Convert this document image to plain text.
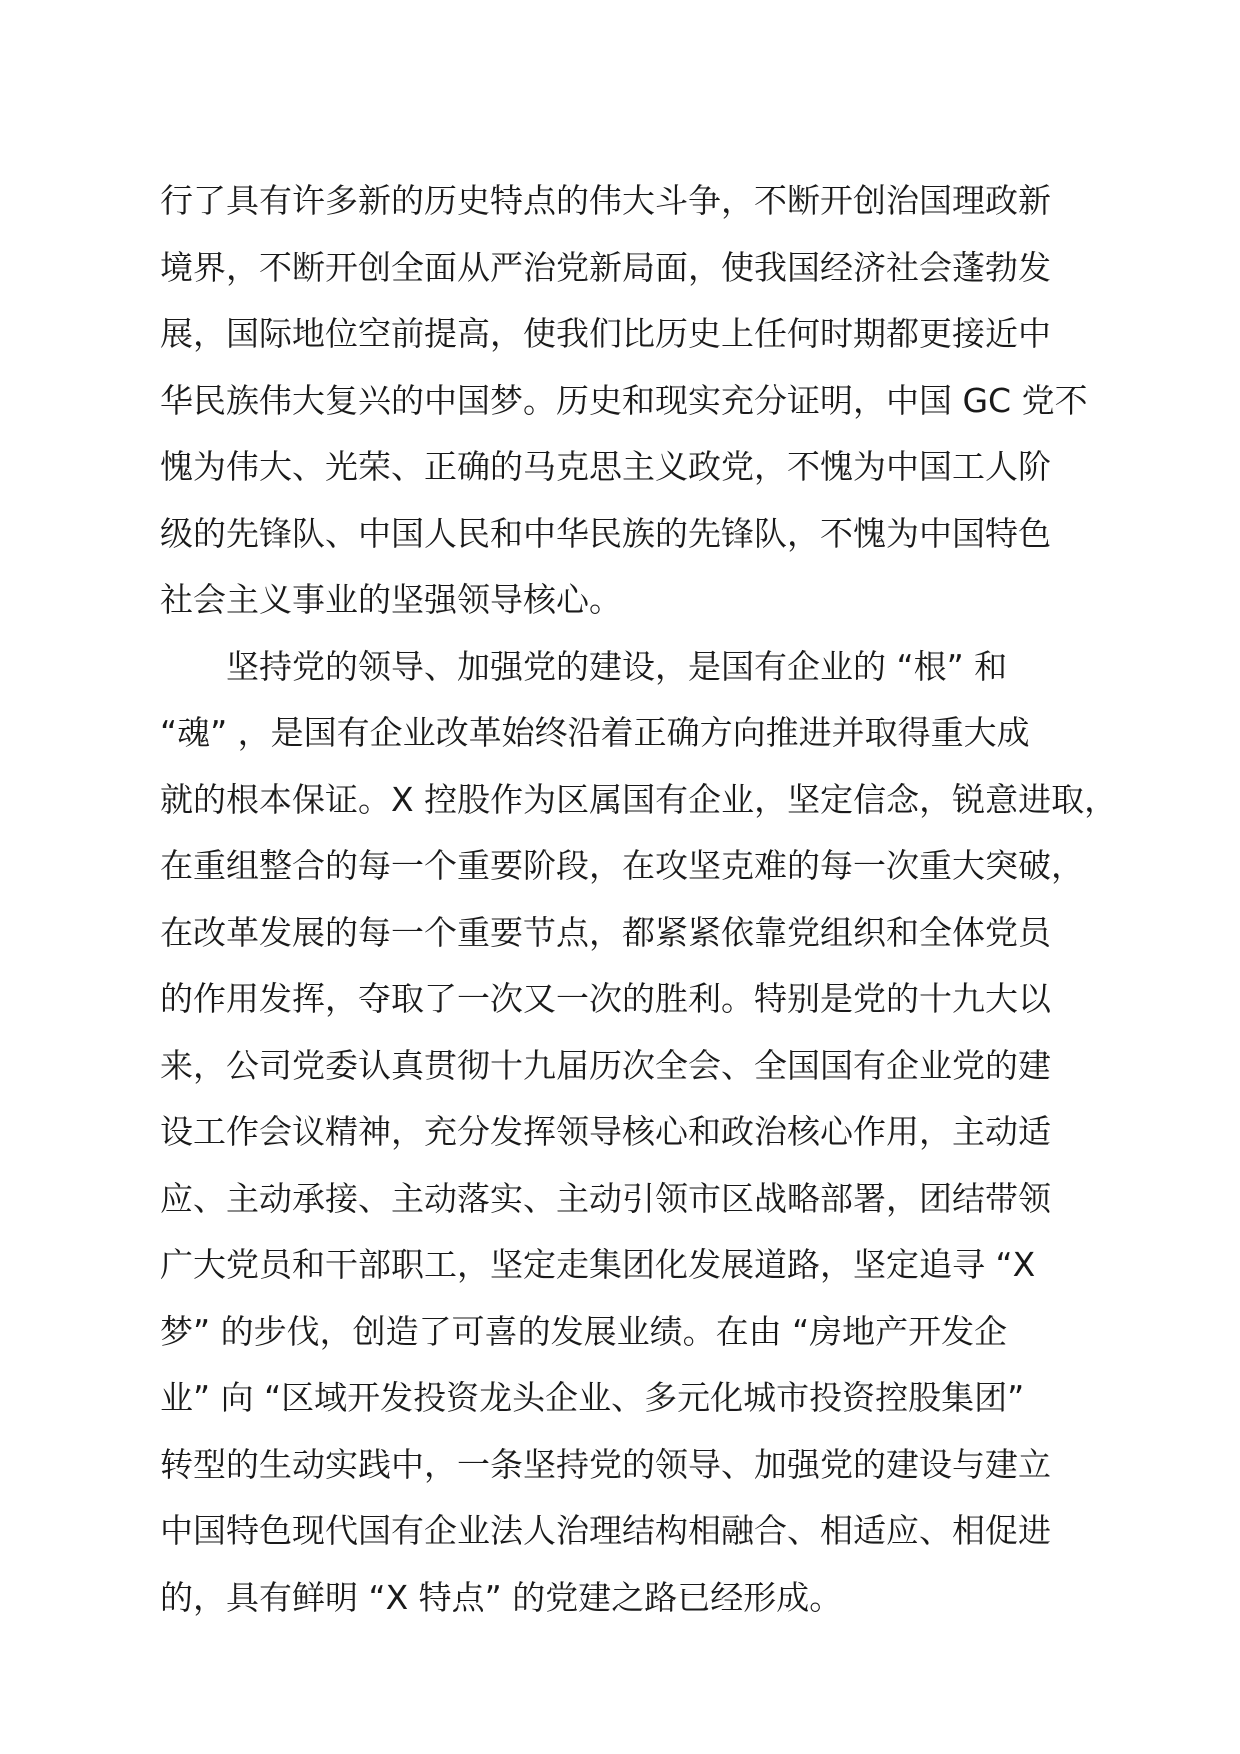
行了具有许多新的历史特点的伟大斗争，不断开创治国理政新
境界，不断开创全面从严治党新局面，使我国经济社会蓬勃发
展，国际地位空前提高，使我们比历史上任何时期都更接近中
华民族伟大复兴的中国梦。历史和现实充分证明，中国 GC 党不
愧为伟大、光荣、正确的马克思主义政党，不愧为中国工人阶
级的先锋队、中国人民和中华民族的先锋队，不愧为中国特色
社会主义事业的坚强领导核心。
坚持党的领导、加强党的建设，是国有企业的 “根” 和
“魂” ，是国有企业改革始终沿着正确方向推进并取得重大成
就的根本保证。X 控股作为区属国有企业，坚定信念，锐意进取，
在重组整合的每一个重要阶段，在攻坚克难的每一次重大突破，
在改革发展的每一个重要节点，都紧紧依靠党组织和全体党员
的作用发挥，夺取了一次又一次的胜利。特别是党的十九大以
来，公司党委认真贯彻十九届历次全会、全国国有企业党的建
设工作会议精神，充分发挥领导核心和政治核心作用，主动适
应、主动承接、主动落实、主动引领市区战略部署，团结带领
广大党员和干部职工，坚定走集团化发展道路，坚定追寻 “X
梦” 的步伐，创造了可喜的发展业绩。在由 “房地产开发企
业” 向 “区域开发投资龙头企业、多元化城市投资控股集团”
转型的生动实践中，一条坚持党的领导、加强党的建设与建立
中国特色现代国有企业法人治理结构相融合、相适应、相促进
的，具有鲜明 “X 特点” 的党建之路已经形成。
